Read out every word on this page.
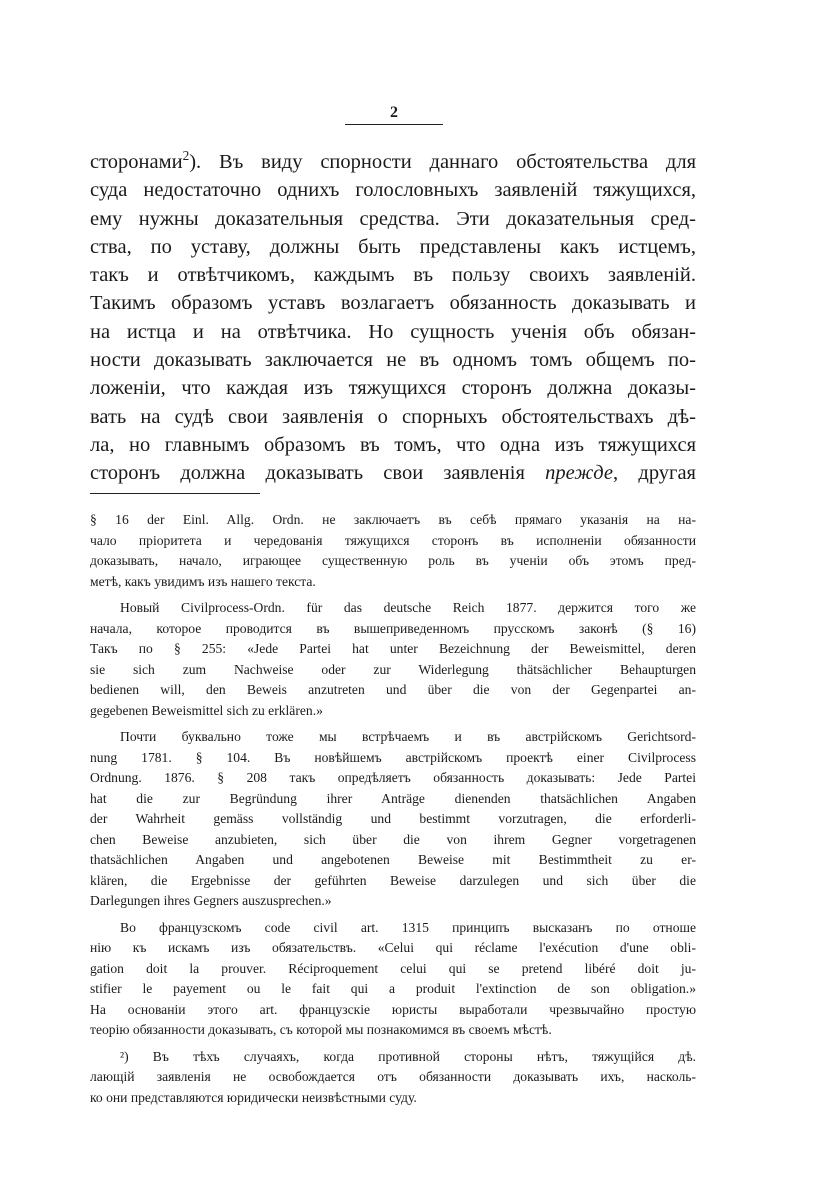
2
сторонами$^2$). Въ виду спорности даннаго обстоятельства для
суда недостаточно однихъ голословныхъ заявленій тяжущихся,
ему нужны доказательныя средства. Эти доказательныя сред-
ства, по уставу, должны быть представлены какъ истцемъ,
такъ и отвѣтчикомъ, каждымъ въ пользу своихъ заявленій.
Такимъ образомъ уставъ возлагаетъ обязанность доказывать и
на истца и на отвѣтчика. Но сущность ученія объ обязан-
ности доказывать заключается не въ одномъ томъ общемъ по-
ложеніи, что каждая изъ тяжущихся сторонъ должна доказы-
вать на судѣ свои заявленія о спорныхъ обстоятельствахъ дѣ-
ла, но главнымъ образомъ въ томъ, что одна изъ тяжущихся
сторонъ должна доказывать свои заявленія прежде, другая
§ 16 der Einl. Allg. Ordn. не заключаетъ въ себѣ прямаго указанія на на-
чало пріоритета и чередованія тяжущихся сторонъ въ исполненіи обязанности
доказывать, начало, играющее существенную роль въ ученіи объ этомъ пред-
метѣ, какъ увидимъ изъ нашего текста.
Новый Civilprocess-Ordn. für das deutsche Reich 1877. держится того же
начала, которое проводится въ вышеприведенномъ прусскомъ законѣ (§ 16)
Такъ по § 255: «Jede Partei hat unter Bezeichnung der Beweismittel, deren
sie sich zum Nachweise oder zur Widerlegung thätsächlicher Behaupturgen
bedienen will, den Beweis anzutreten und über die von der Gegenpartei an-
gegebenen Beweismittel sich zu erklären.»
Почти буквально тоже мы встрѣчаемъ и въ австрійскомъ Gerichtsord-
nung 1781. § 104. Въ новѣйшемъ австрійскомъ проектѣ einer Civilprocess
Ordnung. 1876. § 208 такъ опредѣляетъ обязанность доказывать: Jede Partei
hat die zur Begründung ihrer Anträge dienenden thatsächlichen Angaben
der Wahrheit gemäss vollständig und bestimmt vorzutragen, die erforderli-
chen Beweise anzubieten, sich über die von ihrem Gegner vorgetragenen
thatsächlichen Angaben und angebotenen Beweise mit Bestimmtheit zu er-
klären, die Ergebnisse der geführten Beweise darzulegen und sich über die
Darlegungen ihres Gegners auszusprechen.»
Во французскомъ code civil art. 1315 принципъ высказанъ по отноше
нію къ искамъ изъ обязательствъ. «Celui qui réclame l'exécution d'une obli-
gation doit la prouver. Réciproquement celui qui se pretend libéré doit ju-
stifier le payement ou le fait qui a produit l'extinction de son obligation.»
На основаніи этого art. французскіе юристы выработали чрезвычайно простую
теорію обязанности доказывать, съ которой мы познакомимся въ своемъ мѣстѣ.
²) Въ тѣхъ случаяхъ, когда противной стороны нѣтъ, тяжущійся дѣ.
лающій заявленія не освобождается отъ обязанности доказывать ихъ, насколь-
ко они представляются юридически неизвѣстными суду.
